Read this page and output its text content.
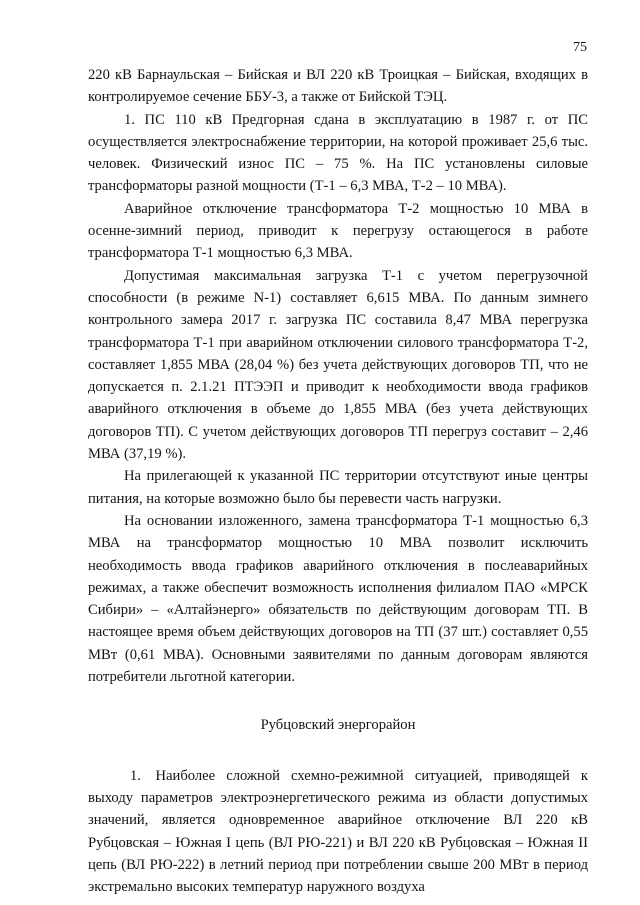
75

220 кВ Барнаульская – Бийская и ВЛ 220 кВ Троицкая – Бийская, входящих в контролируемое сечение ББУ-3, а также от Бийской ТЭЦ.

1. ПС 110 кВ Предгорная сдана в эксплуатацию в 1987 г. от ПС осуществляется электроснабжение территории, на которой проживает 25,6 тыс. человек. Физический износ ПС – 75 %. На ПС установлены силовые трансформаторы разной мощности (Т-1 – 6,3 МВА, Т-2 – 10 МВА).

Аварийное отключение трансформатора Т-2 мощностью 10 МВА в осенне-зимний период, приводит к перегрузу остающегося в работе трансформатора Т-1 мощностью 6,3 МВА.

Допустимая максимальная загрузка Т-1 с учетом перегрузочной способности (в режиме N-1) составляет 6,615 МВА. По данным зимнего контрольного замера 2017 г. загрузка ПС составила 8,47 МВА перегрузка трансформатора Т-1 при аварийном отключении силового трансформатора Т-2, составляет 1,855 МВА (28,04 %) без учета действующих договоров ТП, что не допускается п. 2.1.21 ПТЭЭП и приводит к необходимости ввода графиков аварийного отключения в объеме до 1,855 МВА (без учета действующих договоров ТП). С учетом действующих договоров ТП перегруз составит – 2,46 МВА (37,19 %).

На прилегающей к указанной ПС территории отсутствуют иные центры питания, на которые возможно было бы перевести часть нагрузки.

На основании изложенного, замена трансформатора Т-1 мощностью 6,3 МВА на трансформатор мощностью 10 МВА позволит исключить необходимость ввода графиков аварийного отключения в послеаварийных режимах, а также обеспечит возможность исполнения филиалом ПАО «МРСК Сибири» – «Алтайэнерго» обязательств по действующим договорам ТП. В настоящее время объем действующих договоров на ТП (37 шт.) составляет 0,55 МВт (0,61 МВА). Основными заявителями по данным договорам являются потребители льготной категории.

Рубцовский энергорайон

1. Наиболее сложной схемно-режимной ситуацией, приводящей к выходу параметров электроэнергетического режима из области допустимых значений, является одновременное аварийное отключение ВЛ 220 кВ Рубцовская – Южная I цепь (ВЛ РЮ-221) и ВЛ 220 кВ Рубцовская – Южная II цепь (ВЛ РЮ-222) в летний период при потреблении свыше 200 МВт в период экстремально высоких температур наружного воздуха
